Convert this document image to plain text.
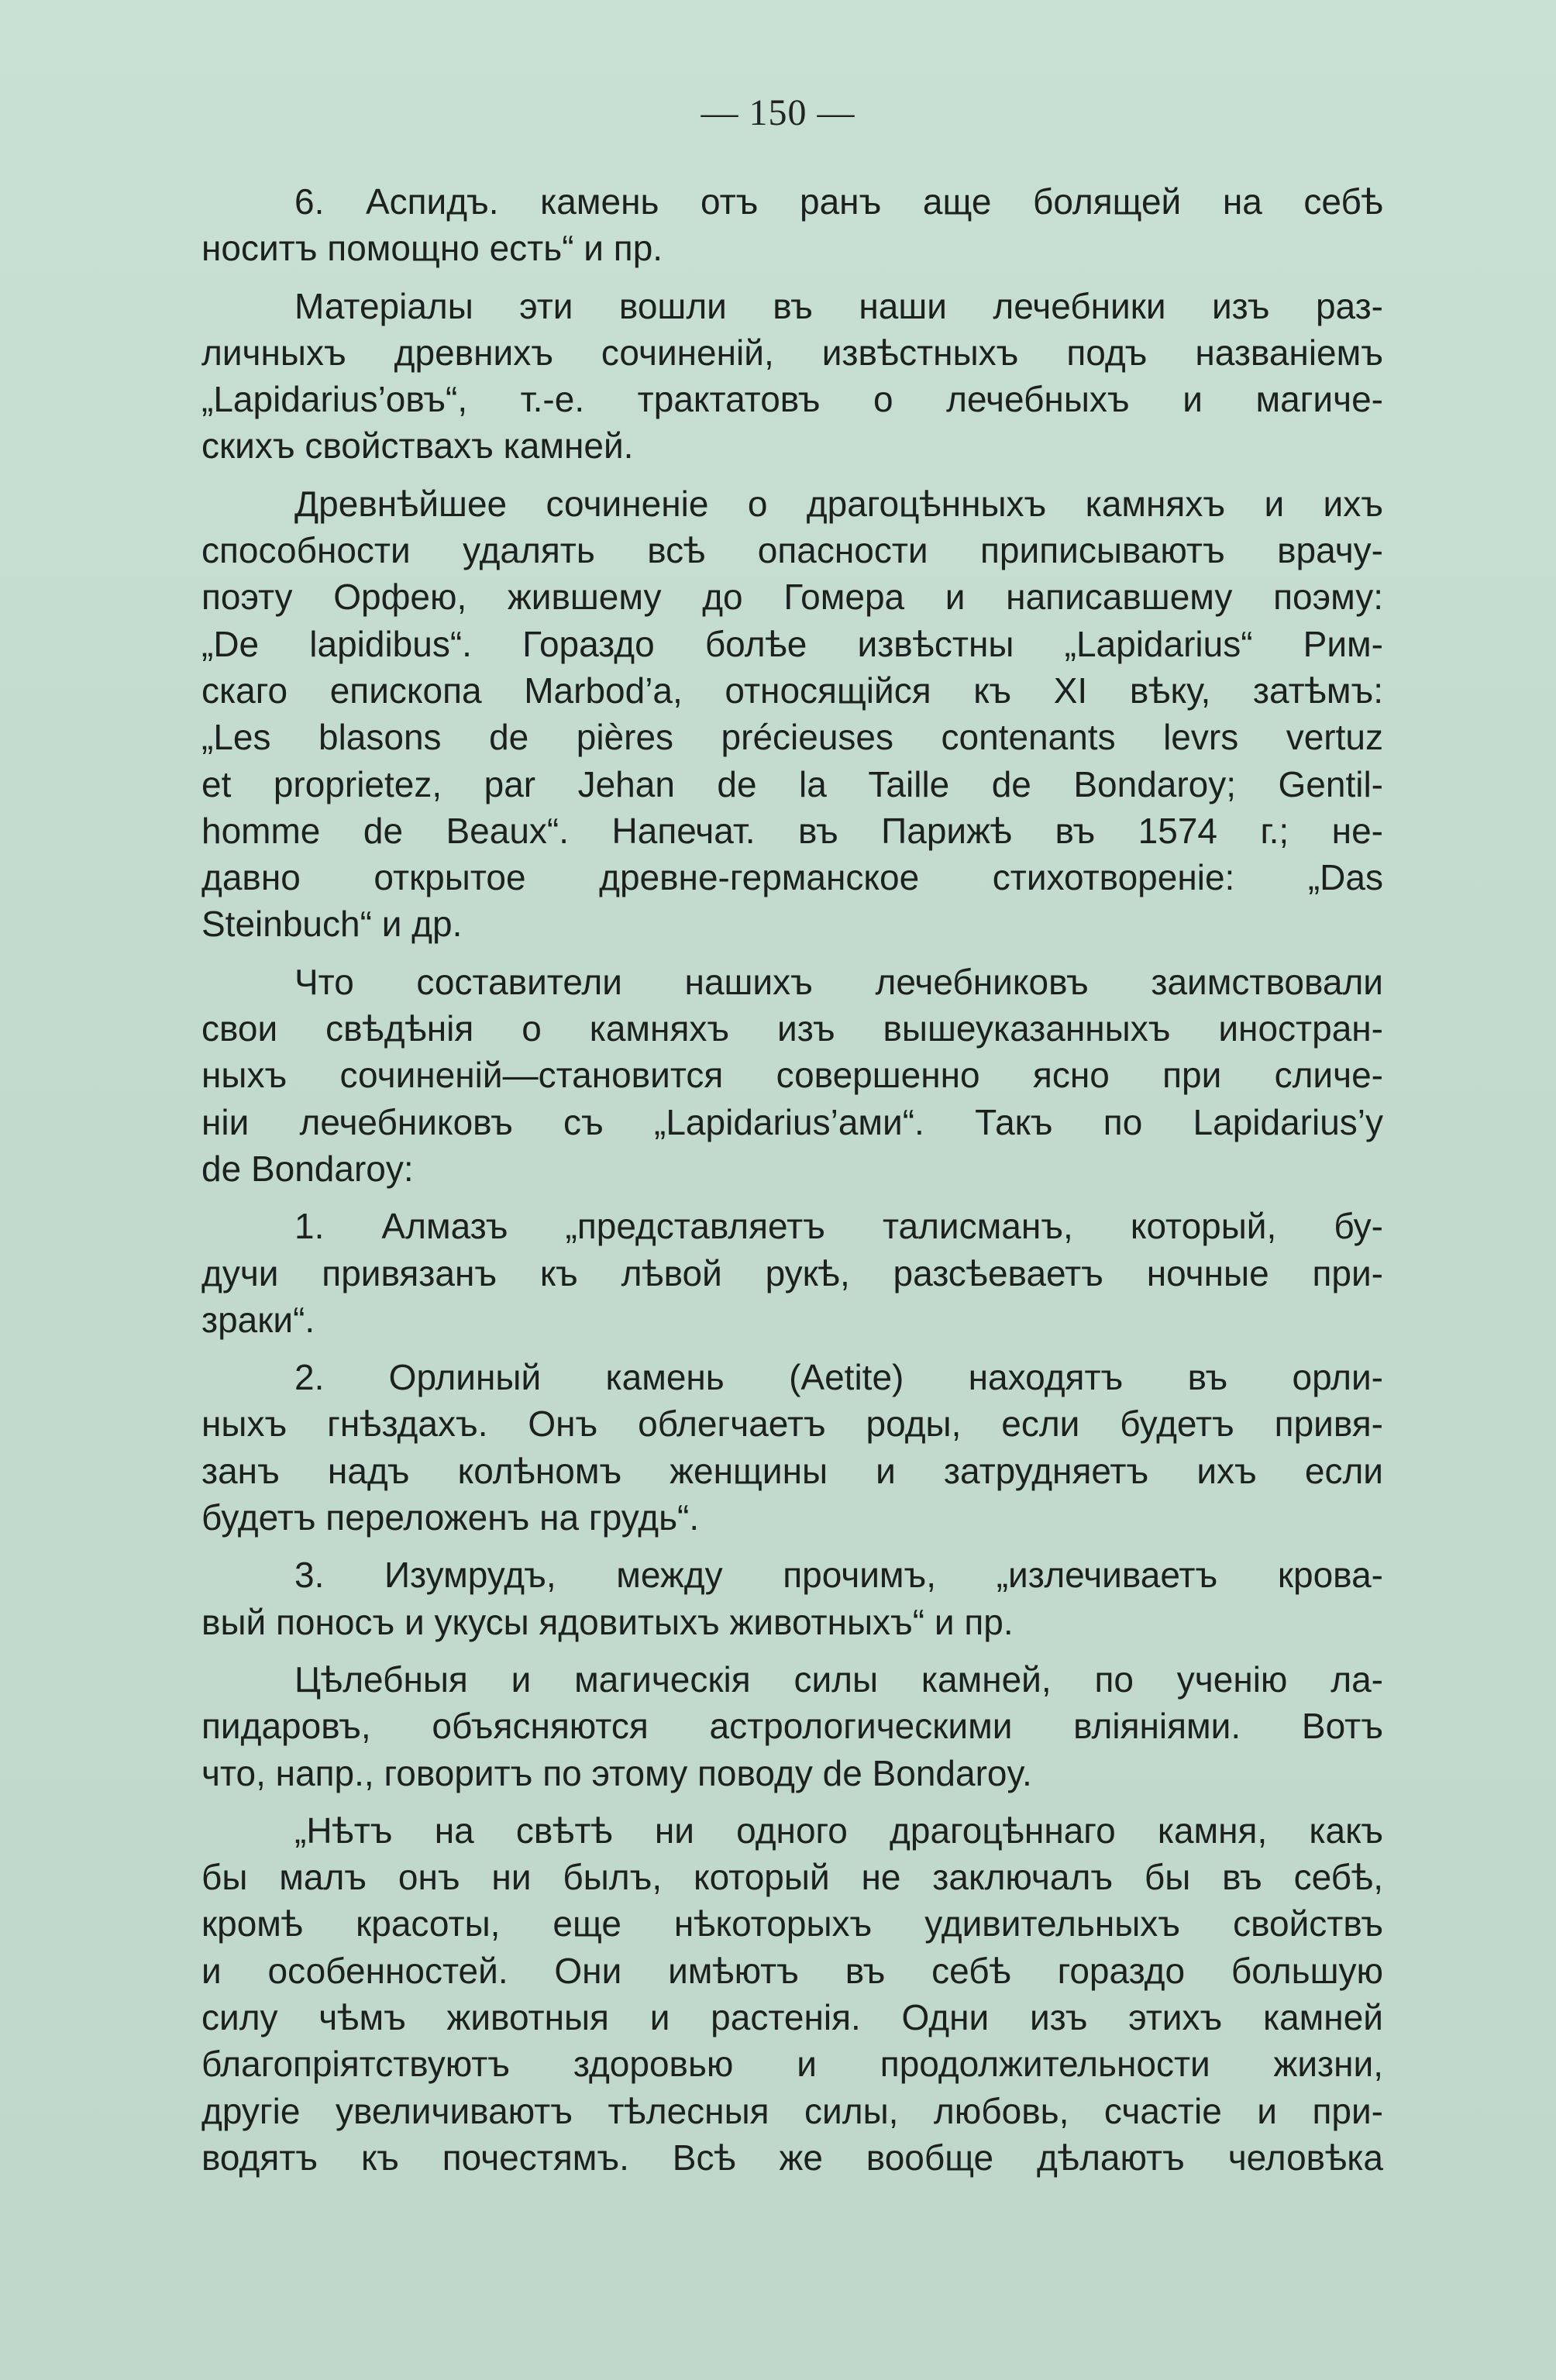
— 150 —
6. Аспидъ. камень отъ ранъ аще болящей на себѣ
носитъ помощно есть“ и пр.
Матеріалы эти вошли въ наши лечебники изъ раз-
личныхъ древнихъ сочиненій, извѣстныхъ подъ названіемъ
„Lapidarius’овъ“, т.-е. трактатовъ о лечебныхъ и магиче-
скихъ свойствахъ камней.
Древнѣйшее сочиненіе о драгоцѣнныхъ камняхъ и ихъ
способности удалять всѣ опасности приписываютъ врачу-
поэту Орфею, жившему до Гомера и написавшему поэму:
„De lapidibus“. Гораздо болѣе извѣстны „Lapidarius“ Рим-
скаго епископа Marbod’a, относящійся къ XI вѣку, затѣмъ:
„Les blasons de pières précieuses contenants levrs vertuz
et proprietez, par Jehan de la Taille de Bondaroy; Gentil-
homme de Beaux“. Напечат. въ Парижѣ въ 1574 г.; не-
давно открытое древне-германское стихотвореніе: „Das
Steinbuch“ и др.
Что составители нашихъ лечебниковъ заимствовали
свои свѣдѣнія о камняхъ изъ вышеуказанныхъ иностран-
ныхъ сочиненій—становится совершенно ясно при сличе-
ніи лечебниковъ съ „Lapidarius’ами“. Такъ по Lapidarius’у
de Bondaroy:
1. Алмазъ „представляетъ талисманъ, который, бу-
дучи привязанъ къ лѣвой рукѣ, разсѣеваетъ ночные при-
зраки“.
2. Орлиный камень (Aetite) находятъ въ орли-
ныхъ гнѣздахъ. Онъ облегчаетъ роды, если будетъ привя-
занъ надъ колѣномъ женщины и затрудняетъ ихъ если
будетъ переложенъ на грудь“.
3. Изумрудъ, между прочимъ, „излечиваетъ крова-
вый поносъ и укусы ядовитыхъ животныхъ“ и пр.
Цѣлебныя и магическія силы камней, по ученію ла-
пидаровъ, объясняются астрологическими вліяніями. Вотъ
что, напр., говоритъ по этому поводу de Bondaroy.
„Нѣтъ на свѣтѣ ни одного драгоцѣннаго камня, какъ
бы малъ онъ ни былъ, который не заключалъ бы въ себѣ,
кромѣ красоты, еще нѣкоторыхъ удивительныхъ свойствъ
и особенностей. Они имѣютъ въ себѣ гораздо большую
силу чѣмъ животныя и растенія. Одни изъ этихъ камней
благопріятствуютъ здоровью и продолжительности жизни,
другіе увеличиваютъ тѣлесныя силы, любовь, счастіе и при-
водятъ къ почестямъ. Всѣ же вообще дѣлаютъ человѣка
